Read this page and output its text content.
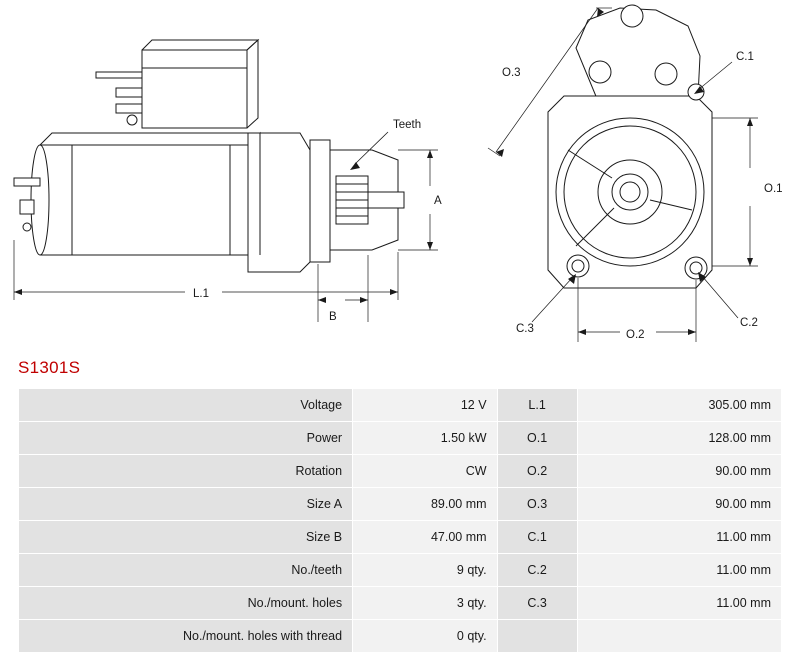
Teeth
A
L.1
B
O.3
O.1
O.2
C.1
C.2
C.3
S1301S
Voltage	12 V	L.1	305.00 mm
Power	1.50 kW	O.1	128.00 mm
Rotation	CW	O.2	90.00 mm
Size A	89.00 mm	O.3	90.00 mm
Size B	47.00 mm	C.1	11.00 mm
No./teeth	9 qty.	C.2	11.00 mm
No./mount. holes	3 qty.	C.3	11.00 mm
No./mount. holes with thread	0 qty.		
